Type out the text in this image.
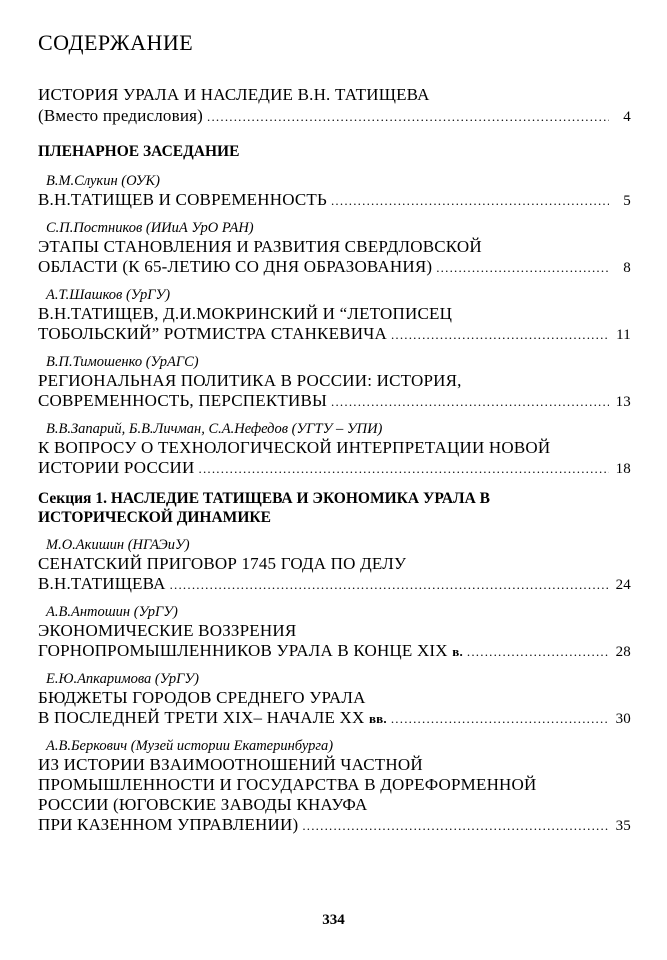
СОДЕРЖАНИЕ
ИСТОРИЯ УРАЛА И НАСЛЕДИЕ В.Н. ТАТИЩЕВА
(Вместо предисловия) .....	4
ПЛЕНАРНОЕ ЗАСЕДАНИЕ
В.М.Слукин (ОУК)
В.Н.ТАТИЩЕВ И СОВРЕМЕННОСТЬ .....	5
С.П.Постников (ИИиА УрО РАН)
ЭТАПЫ СТАНОВЛЕНИЯ И РАЗВИТИЯ СВЕРДЛОВСКОЙ
ОБЛАСТИ (К 65-ЛЕТИЮ СО ДНЯ ОБРАЗОВАНИЯ) .....	8
А.Т.Шашков (УрГУ)
В.Н.ТАТИЩЕВ, Д.И.МОКРИНСКИЙ И “ЛЕТОПИСЕЦ
ТОБОЛЬСКИЙ” РОТМИСТРА СТАНКЕВИЧА .....	11
В.П.Тимошенко (УрАГС)
РЕГИОНАЛЬНАЯ ПОЛИТИКА В РОССИИ: ИСТОРИЯ,
СОВРЕМЕННОСТЬ, ПЕРСПЕКТИВЫ .....	13
В.В.Запарий, Б.В.Личман, С.А.Нефедов (УГТУ – УПИ)
К ВОПРОСУ О ТЕХНОЛОГИЧЕСКОЙ ИНТЕРПРЕТАЦИИ НОВОЙ
ИСТОРИИ РОССИИ .....	18
Секция 1. НАСЛЕДИЕ ТАТИЩЕВА И ЭКОНОМИКА УРАЛА В
ИСТОРИЧЕСКОЙ ДИНАМИКЕ
М.О.Акишин (НГАЭиУ)
СЕНАТСКИЙ ПРИГОВОР 1745 ГОДА ПО ДЕЛУ
В.Н.ТАТИЩЕВА .....	24
А.В.Антошин (УрГУ)
ЭКОНОМИЧЕСКИЕ ВОЗЗРЕНИЯ
ГОРНОПРОМЫШЛЕННИКОВ УРАЛА В КОНЦЕ XIX в. .....	28
Е.Ю.Апкаримова (УрГУ)
БЮДЖЕТЫ ГОРОДОВ СРЕДНЕГО УРАЛА
В ПОСЛЕДНЕЙ ТРЕТИ XIX– НАЧАЛЕ XX вв. .....	30
А.В.Беркович (Музей истории Екатеринбурга)
ИЗ ИСТОРИИ ВЗАИМООТНОШЕНИЙ ЧАСТНОЙ
ПРОМЫШЛЕННОСТИ И ГОСУДАРСТВА В ДОРЕФОРМЕННОЙ
РОССИИ (ЮГОВСКИЕ ЗАВОДЫ КНАУФА
ПРИ КАЗЕННОМ УПРАВЛЕНИИ) .....	35
334
